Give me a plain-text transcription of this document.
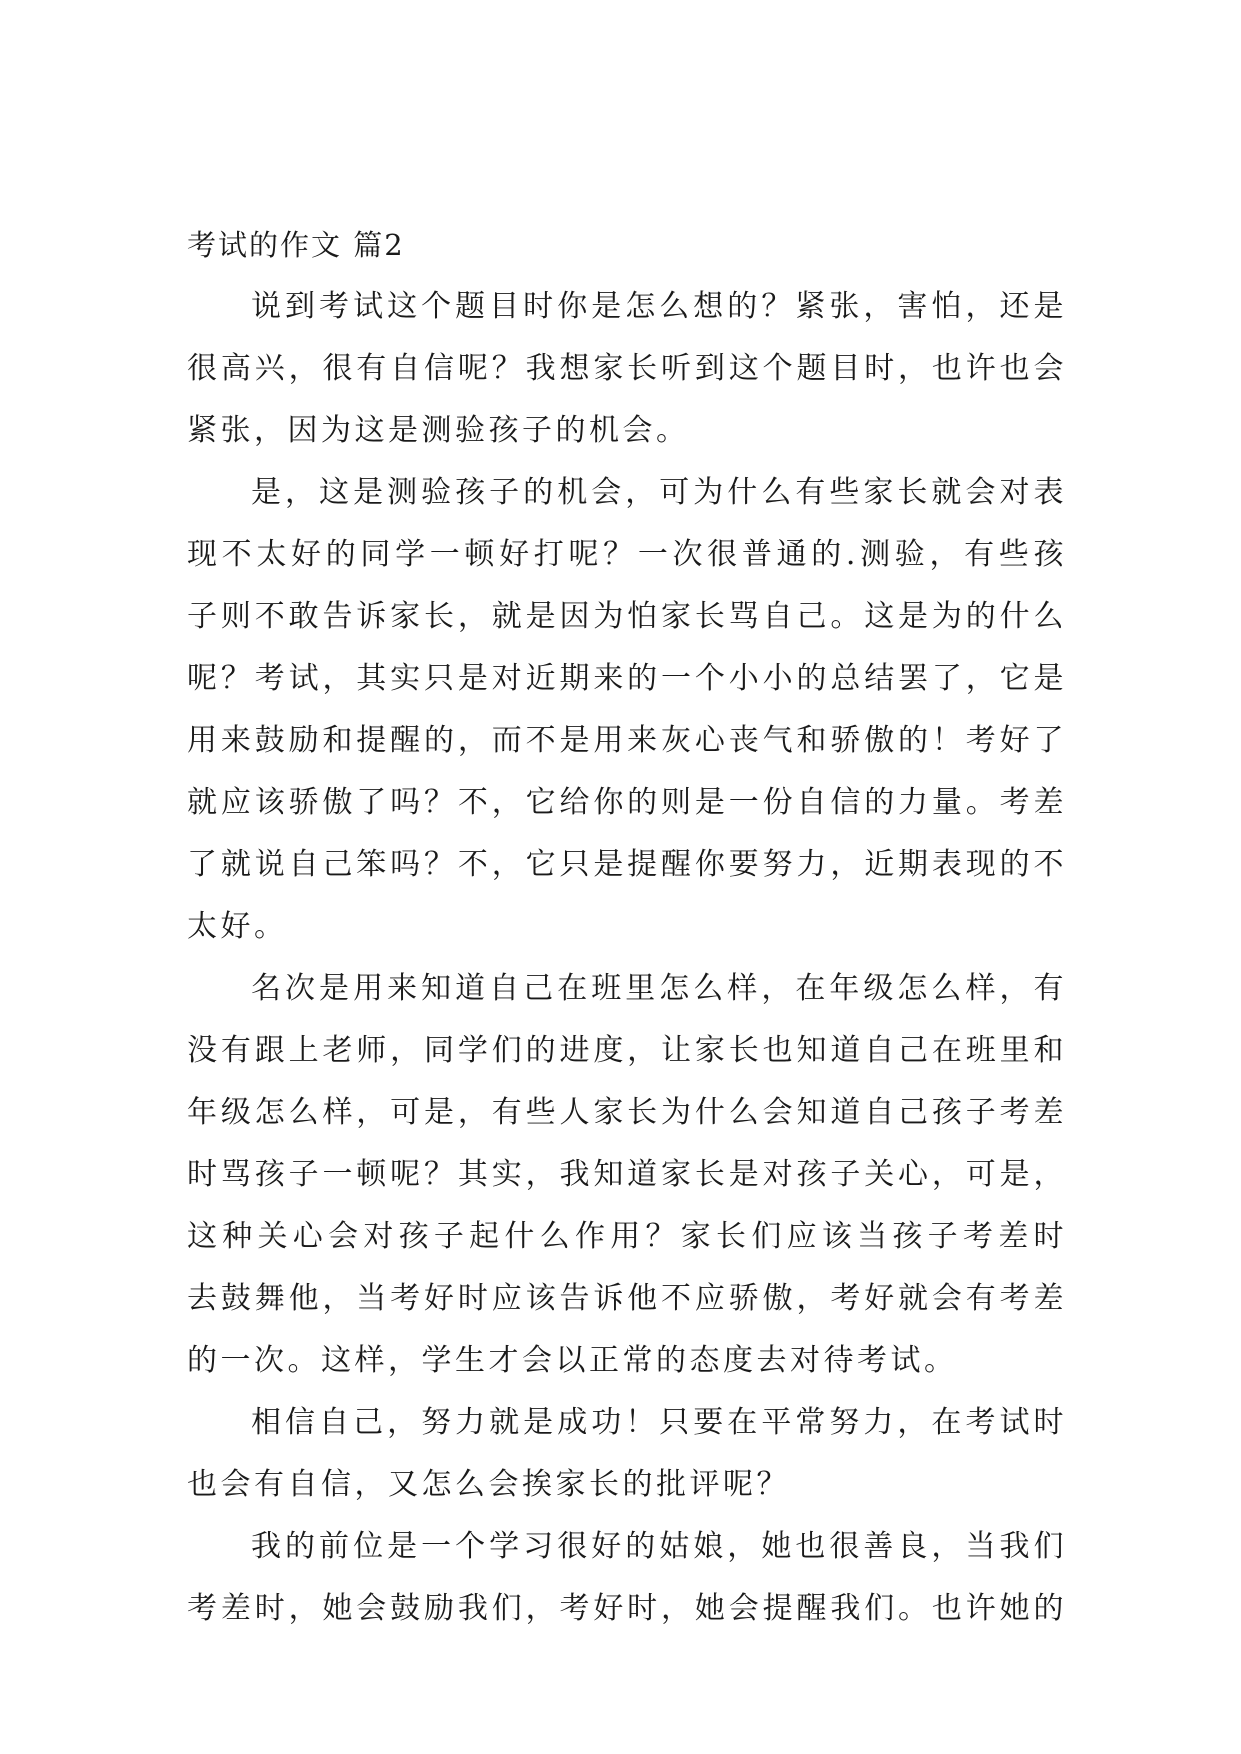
考试的作文 篇2

说到考试这个题目时你是怎么想的？紧张，害怕，还是
很高兴，很有自信呢？我想家长听到这个题目时，也许也会
紧张，因为这是测验孩子的机会。

是，这是测验孩子的机会，可为什么有些家长就会对表
现不太好的同学一顿好打呢？一次很普通的.测验，有些孩
子则不敢告诉家长，就是因为怕家长骂自己。这是为的什么
呢？考试，其实只是对近期来的一个小小的总结罢了，它是
用来鼓励和提醒的，而不是用来灰心丧气和骄傲的！考好了
就应该骄傲了吗？不，它给你的则是一份自信的力量。考差
了就说自己笨吗？不，它只是提醒你要努力，近期表现的不
太好。

名次是用来知道自己在班里怎么样，在年级怎么样，有
没有跟上老师，同学们的进度，让家长也知道自己在班里和
年级怎么样，可是，有些人家长为什么会知道自己孩子考差
时骂孩子一顿呢？其实，我知道家长是对孩子关心，可是，
这种关心会对孩子起什么作用？家长们应该当孩子考差时
去鼓舞他，当考好时应该告诉他不应骄傲，考好就会有考差
的一次。这样，学生才会以正常的态度去对待考试。

相信自己，努力就是成功！只要在平常努力，在考试时
也会有自信，又怎么会挨家长的批评呢？

我的前位是一个学习很好的姑娘，她也很善良，当我们
考差时，她会鼓励我们，考好时，她会提醒我们。也许她的
